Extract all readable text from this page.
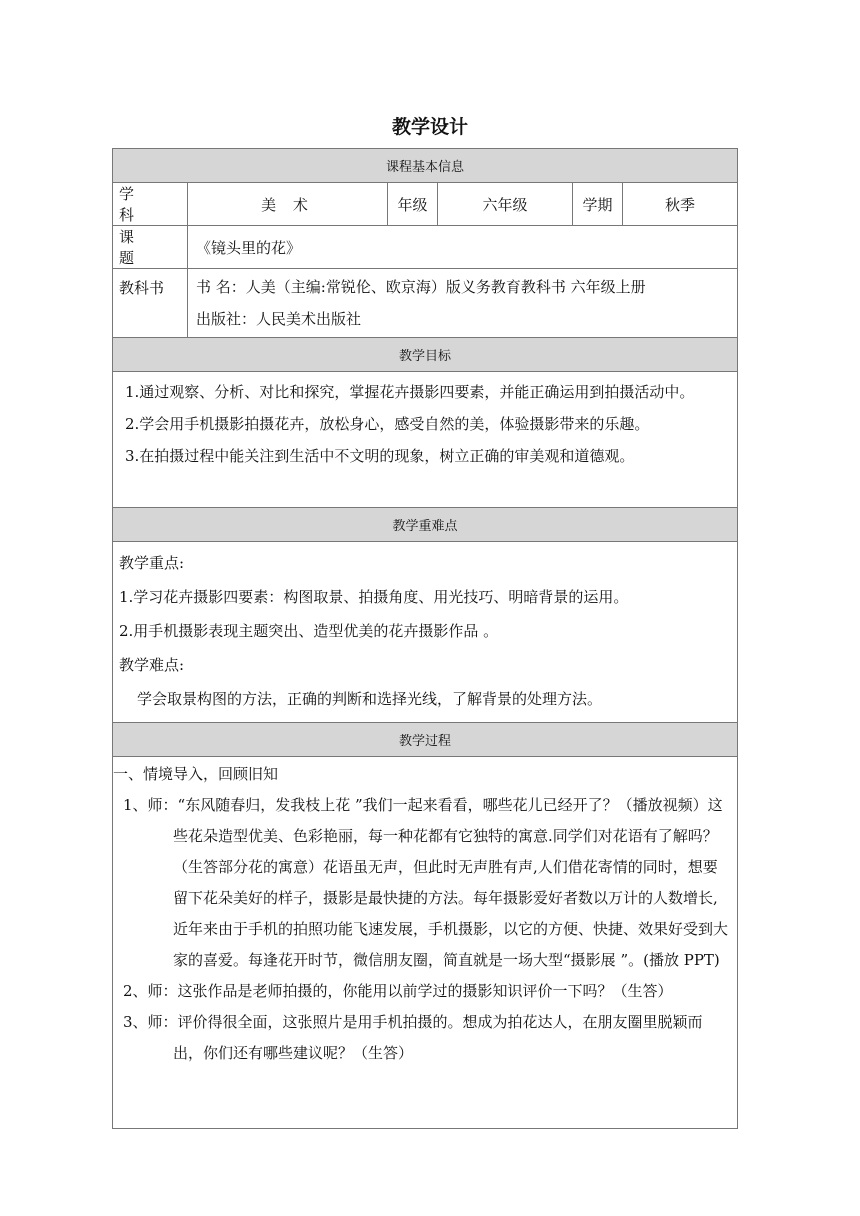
教学设计
课程基本信息					
学 科	美 术	年级	六年级	学期	秋季
课 题	《镜头里的花》				
教科书	书 名：人美（主编:常锐伦、欧京海）版义务教育教科书 六年级上册
出版社：人民美术出版社				

教学目标					

1.通过观察、分析、对比和探究，掌握花卉摄影四要素，并能正确运用到拍摄活动中。

2.学会用手机摄影拍摄花卉，放松身心，感受自然的美，体验摄影带来的乐趣。

3.在拍摄过程中能关注到生活中不文明的现象，树立正确的审美观和道德观。					

教学重难点					

教学重点:

1.学习花卉摄影四要素：构图取景、拍摄角度、用光技巧、明暗背景的运用。

2.用手机摄影表现主题突出、造型优美的花卉摄影作品 。

教学难点:

学会取景构图的方法，正确的判断和选择光线，了解背景的处理方法。					

教学过程					

一、情境导入，回顾旧知

1、师：“东风随春归，发我枝上花 ”我们一起来看看，哪些花儿已经开了？（播放视频）这些花朵造型优美、色彩艳丽，每一种花都有它独特的寓意.同学们对花语有了解吗？（生答部分花的寓意）花语虽无声，但此时无声胜有声,人们借花寄情的同时，想要留下花朵美好的样子，摄影是最快捷的方法。每年摄影爱好者数以万计的人数增长,近年来由于手机的拍照功能飞速发展，手机摄影，以它的方便、快捷、效果好受到大家的喜爱。每逢花开时节，微信朋友圈，简直就是一场大型“摄影展 ”。(播放 PPT)

2、师：这张作品是老师拍摄的，你能用以前学过的摄影知识评价一下吗？（生答）

3、师：评价得很全面，这张照片是用手机拍摄的。想成为拍花达人，在朋友圈里脱颖而出，你们还有哪些建议呢？（生答）					
